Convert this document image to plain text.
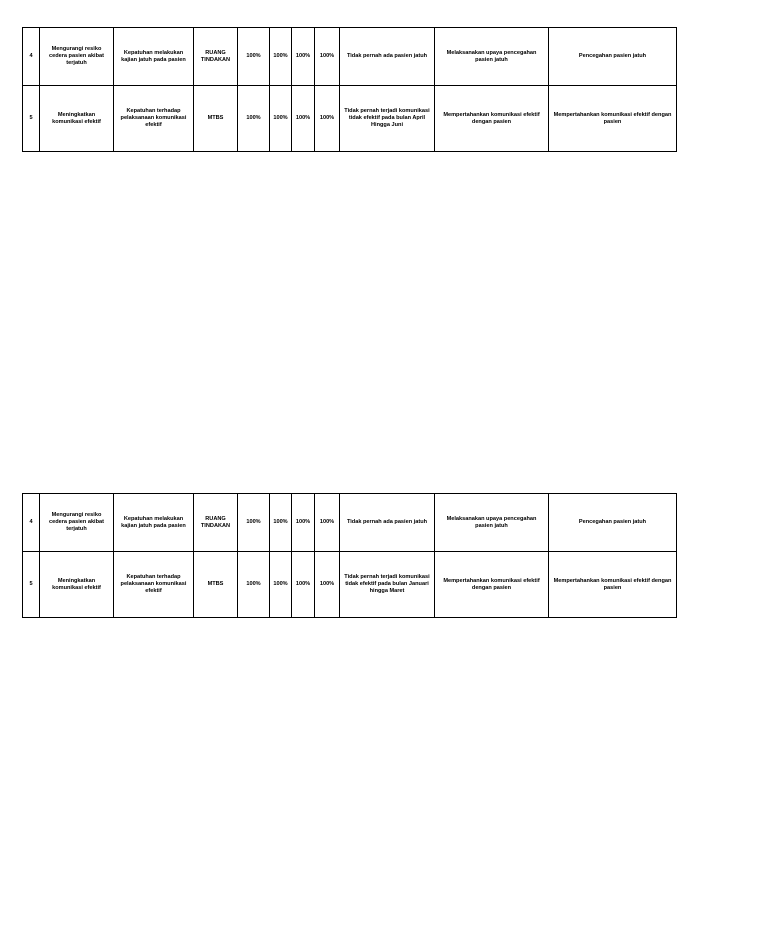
4	Mengurangi resiko cedera pasien akibat terjatuh	Kepatuhan melakukan kajian jatuh pada pasien	RUANG TINDAKAN	100%	100%	100%	100%	Tidak pernah ada pasien jatuh	Melaksanakan upaya pencegahan pasien jatuh	Pencegahan pasien jatuh
5	Meningkatkan komunikasi efektif	Kepatuhan terhadap pelaksanaan komunikasi efektif	MTBS	100%	100%	100%	100%	Tidak pernah terjadi komunikasi tidak efektif pada bulan April Hingga Juni	Mempertahankan komunikasi efektif dengan pasien	Mempertahankan komunikasi efektif dengan pasien
4	Mengurangi resiko cedera pasien akibat terjatuh	Kepatuhan melakukan kajian jatuh pada pasien	RUANG TINDAKAN	100%	100%	100%	100%	Tidak pernah ada pasien jatuh	Melaksanakan upaya pencegahan pasien jatuh	Pencegahan pasien jatuh
5	Meningkatkan komunikasi efektif	Kepatuhan terhadap pelaksanaan komunikasi efektif	MTBS	100%	100%	100%	100%	Tidak pernah terjadi komunikasi tidak efektif pada bulan Januari hingga Maret	Mempertahankan komunikasi efektif dengan pasien	Mempertahankan komunikasi efektif dengan pasien
